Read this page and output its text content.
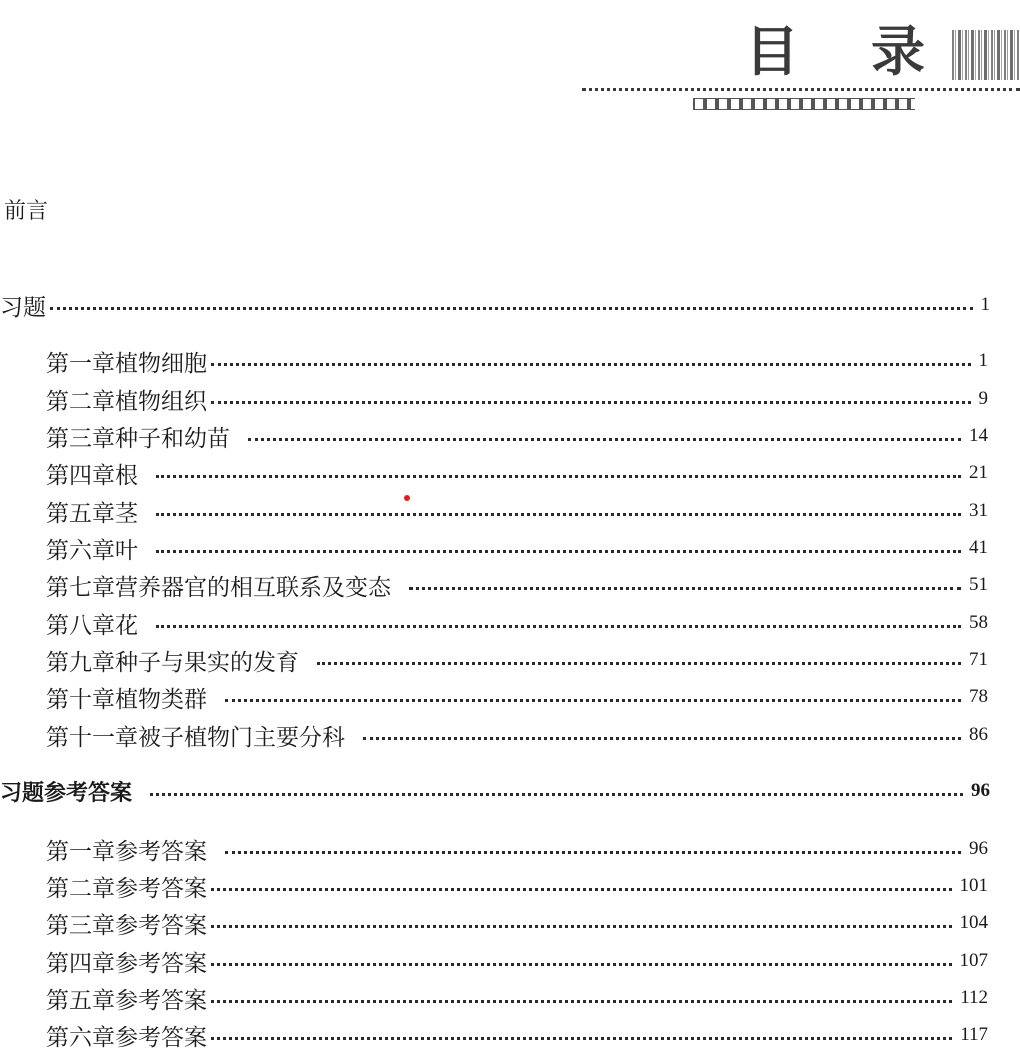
目 录
前言
习题	1
第一章 植物细胞	1
第二章 植物组织	9
第三章 种子和幼苗	14
第四章 根	21
第五章 茎	31
第六章 叶	41
第七章 营养器官的相互联系及变态	51
第八章 花	58
第九章 种子与果实的发育	71
第十章 植物类群	78
第十一章 被子植物门主要分科	86
习题参考答案	96
第一章参考答案	96
第二章参考答案	101
第三章参考答案	104
第四章参考答案	107
第五章参考答案	112
第六章参考答案	117
